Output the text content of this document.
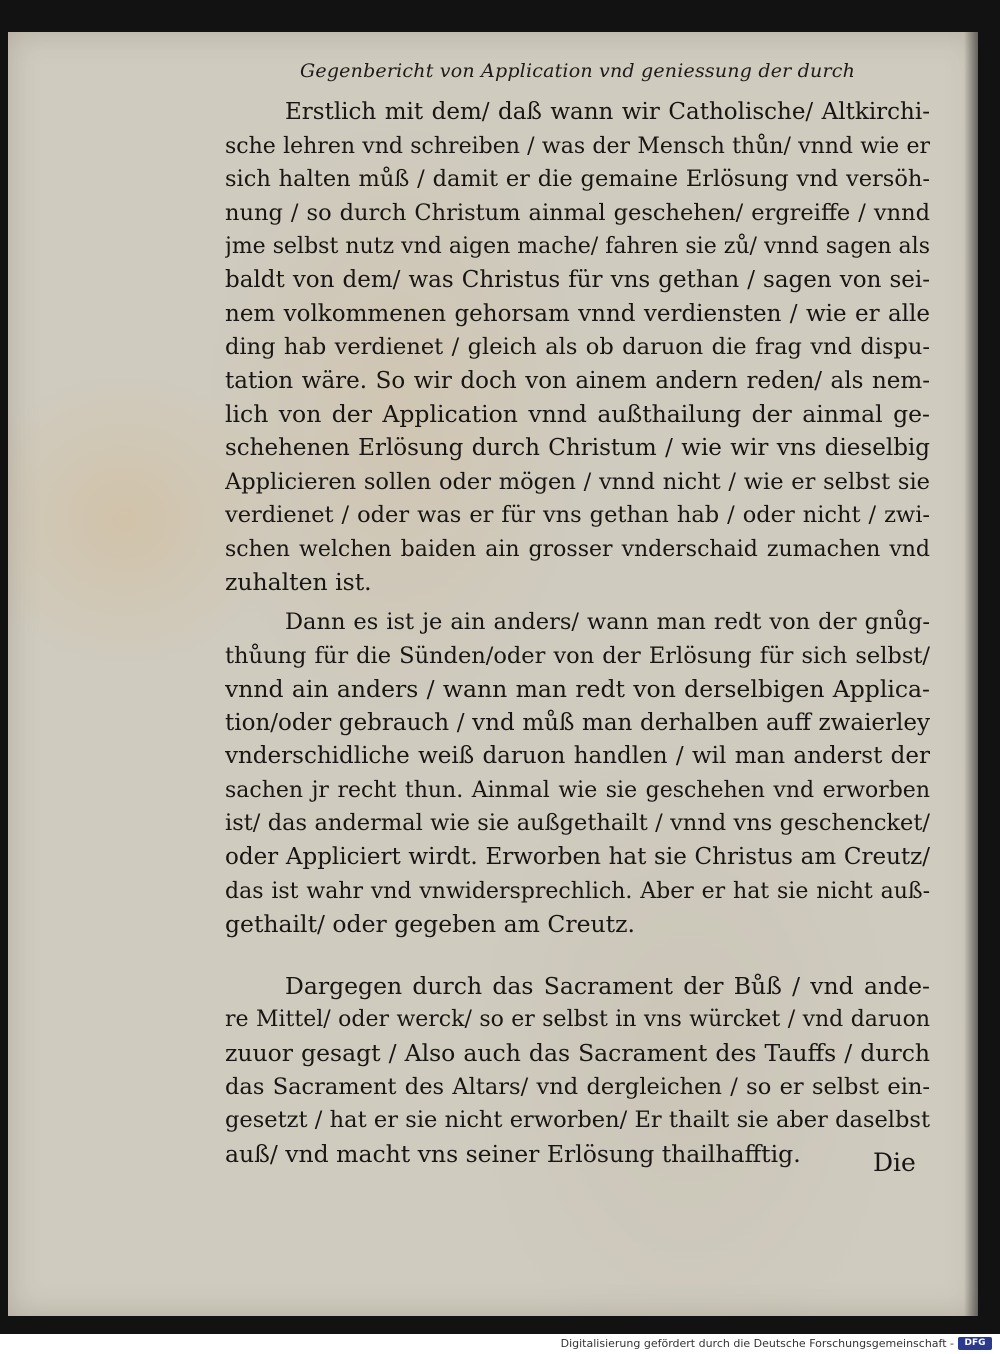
Gegenbericht von Application vnd geniessung der durch
Erstlich mit dem/ daß wann wir Catholische/ Altkirchi-
sche lehren vnd schreiben / was der Mensch thůn/ vnnd wie er
sich halten můß / damit er die gemaine Erlösung vnd versöh-
nung / so durch Christum ainmal geschehen/ ergreiffe / vnnd
jme selbst nutz vnd aigen mache/ fahren sie zů/ vnnd sagen als
baldt von dem/ was Christus für vns gethan / sagen von sei-
nem volkommenen gehorsam vnnd verdiensten / wie er alle
ding hab verdienet / gleich als ob daruon die frag vnd dispu-
tation wäre. So wir doch von ainem andern reden/ als nem-
lich von der Application vnnd außthailung der ainmal ge-
schehenen Erlösung durch Christum / wie wir vns dieselbig
Applicieren sollen oder mögen / vnnd nicht / wie er selbst sie
verdienet / oder was er für vns gethan hab / oder nicht / zwi-
schen welchen baiden ain grosser vnderschaid zumachen vnd
zuhalten ist.
Dann es ist je ain anders/ wann man redt von der gnůg-
thůung für die Sünden/oder von der Erlösung für sich selbst/
vnnd ain anders / wann man redt von derselbigen Applica-
tion/oder gebrauch / vnd můß man derhalben auff zwaierley
vnderschidliche weiß daruon handlen / wil man anderst der
sachen jr recht thun. Ainmal wie sie geschehen vnd erworben
ist/ das andermal wie sie außgethailt / vnnd vns geschencket/
oder Appliciert wirdt. Erworben hat sie Christus am Creutz/
das ist wahr vnd vnwidersprechlich. Aber er hat sie nicht auß-
gethailt/ oder gegeben am Creutz.
Dargegen durch das Sacrament der Bůß / vnd ande-
re Mittel/ oder werck/ so er selbst in vns würcket / vnd daruon
zuuor gesagt / Also auch das Sacrament des Tauffs / durch
das Sacrament des Altars/ vnd dergleichen / so er selbst ein-
gesetzt / hat er sie nicht erworben/ Er thailt sie aber daselbst
auß/ vnd macht vns seiner Erlösung thailhafftig.	Die
Digitalisierung gefördert durch die Deutsche Forschungsgemeinschaft -	DFG
